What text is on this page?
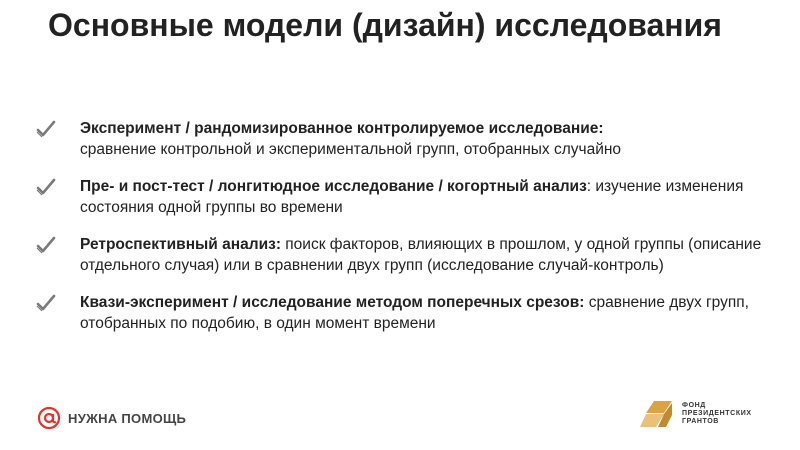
Основные модели (дизайн) исследования
Эксперимент / рандомизированное контролируемое исследование:
сравнение контрольной и экспериментальной групп, отобранных случайно
Пре- и пост-тест / лонгитюдное исследование / когортный анализ: изучение изменения состояния одной группы во времени
Ретроспективный анализ: поиск факторов, влияющих в прошлом, у одной группы (описание отдельного случая) или в сравнении двух групп (исследование случай-контроль)
Квази-эксперимент / исследование методом поперечных срезов: сравнение двух групп, отобранных по подобию, в один момент времени
НУЖНА ПОМОЩЬ
ФОНД ПРЕЗИДЕНТСКИХ ГРАНТОВ
